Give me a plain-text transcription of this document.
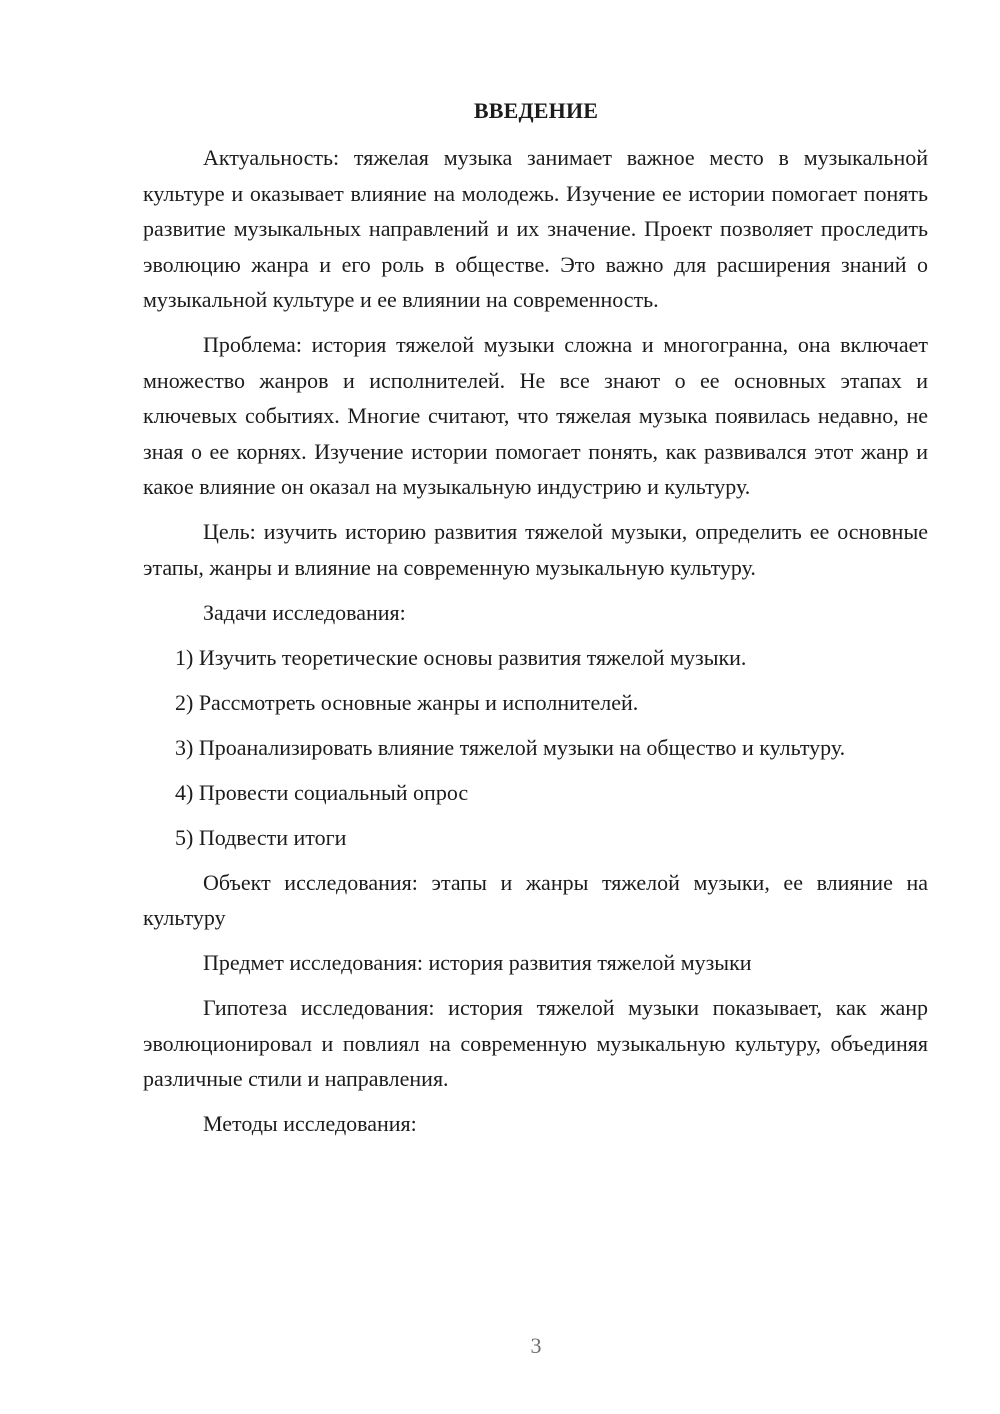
ВВЕДЕНИЕ

Актуальность: тяжелая музыка занимает важное место в музыкальной культуре и оказывает влияние на молодежь. Изучение ее истории помогает понять развитие музыкальных направлений и их значение. Проект позволяет проследить эволюцию жанра и его роль в обществе. Это важно для расширения знаний о музыкальной культуре и ее влиянии на современность.

Проблема: история тяжелой музыки сложна и многогранна, она включает множество жанров и исполнителей. Не все знают о ее основных этапах и ключевых событиях. Многие считают, что тяжелая музыка появилась недавно, не зная о ее корнях. Изучение истории помогает понять, как развивался этот жанр и какое влияние он оказал на музыкальную индустрию и культуру.

Цель: изучить историю развития тяжелой музыки, определить ее основные этапы, жанры и влияние на современную музыкальную культуру.

Задачи исследования:

1) Изучить теоретические основы развития тяжелой музыки.

2) Рассмотреть основные жанры и исполнителей.

3) Проанализировать влияние тяжелой музыки на общество и культуру.

4) Провести социальный опрос

5) Подвести итоги

Объект исследования: этапы и жанры тяжелой музыки, ее влияние на культуру

Предмет исследования: история развития тяжелой музыки

Гипотеза исследования: история тяжелой музыки показывает, как жанр эволюционировал и повлиял на современную музыкальную культуру, объединяя различные стили и направления.

Методы исследования:

3
